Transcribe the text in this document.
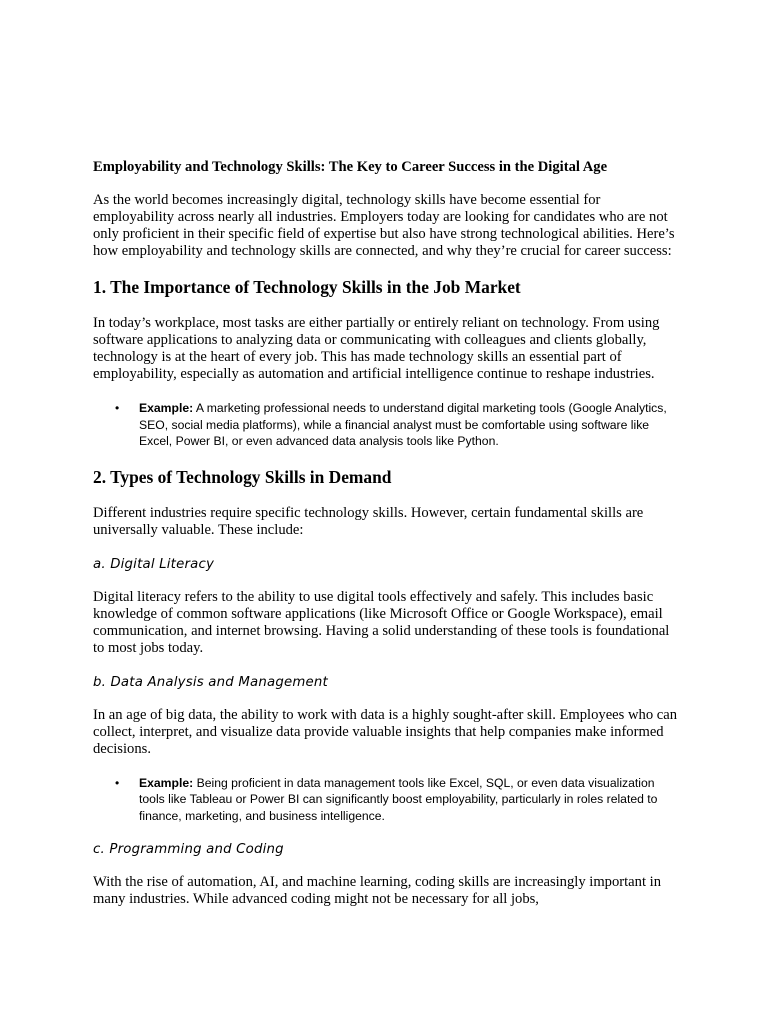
Employability and Technology Skills: The Key to Career Success in the Digital Age

As the world becomes increasingly digital, technology skills have become essential for employability across nearly all industries. Employers today are looking for candidates who are not only proficient in their specific field of expertise but also have strong technological abilities. Here’s how employability and technology skills are connected, and why they’re crucial for career success:

1. The Importance of Technology Skills in the Job Market

In today’s workplace, most tasks are either partially or entirely reliant on technology. From using software applications to analyzing data or communicating with colleagues and clients globally, technology is at the heart of every job. This has made technology skills an essential part of employability, especially as automation and artificial intelligence continue to reshape industries.

• Example: A marketing professional needs to understand digital marketing tools (Google Analytics, SEO, social media platforms), while a financial analyst must be comfortable using software like Excel, Power BI, or even advanced data analysis tools like Python.
2. Types of Technology Skills in Demand

Different industries require specific technology skills. However, certain fundamental skills are universally valuable. These include:

a. Digital Literacy

Digital literacy refers to the ability to use digital tools effectively and safely. This includes basic knowledge of common software applications (like Microsoft Office or Google Workspace), email communication, and internet browsing. Having a solid understanding of these tools is foundational to most jobs today.

b. Data Analysis and Management

In an age of big data, the ability to work with data is a highly sought-after skill. Employees who can collect, interpret, and visualize data provide valuable insights that help companies make informed decisions.

• Example: Being proficient in data management tools like Excel, SQL, or even data visualization tools like Tableau or Power BI can significantly boost employability, particularly in roles related to finance, marketing, and business intelligence.
c. Programming and Coding

With the rise of automation, AI, and machine learning, coding skills are increasingly important in many industries. While advanced coding might not be necessary for all jobs,
